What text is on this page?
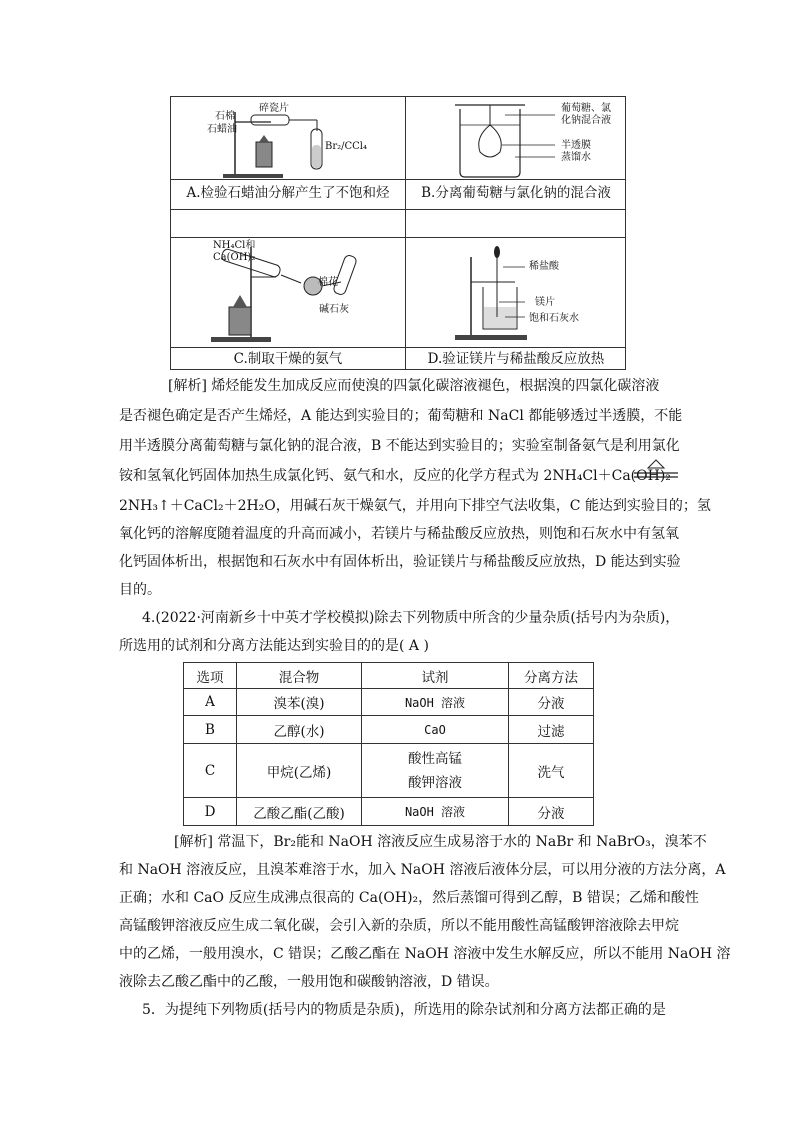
碎瓷片
石棉
石蜡油
Br₂/CCl₄
A.检验石蜡油分解产生了不饱和烃
葡萄糖、氯
化钠混合液
半透膜
蒸馏水
B.分离葡萄糖与氯化钠的混合液
NH₄Cl和
Ca(OH)₂
棉花
碱石灰
C.制取干燥的氨气
稀盐酸
镁片
饱和石灰水
D.验证镁片与稀盐酸反应放热
[解析] 烯烃能发生加成反应而使溴的四氯化碳溶液褪色，根据溴的四氯化碳溶液
是否褪色确定是否产生烯烃，A 能达到实验目的；葡萄糖和 NaCl 都能够透过半透膜，不能
用半透膜分离葡萄糖与氯化钠的混合液，B 不能达到实验目的；实验室制备氨气是利用氯化
铵和氢氧化钙固体加热生成氯化钙、氨气和水，反应的化学方程式为 2NH₄Cl＋Ca(OH)₂
2NH₃↑＋CaCl₂＋2H₂O，用碱石灰干燥氨气，并用向下排空气法收集，C 能达到实验目的；氢
氧化钙的溶解度随着温度的升高而减小，若镁片与稀盐酸反应放热，则饱和石灰水中有氢氧
化钙固体析出，根据饱和石灰水中有固体析出，验证镁片与稀盐酸反应放热，D 能达到实验
目的。
4.(2022·河南新乡十中英才学校模拟)除去下列物质中所含的少量杂质(括号内为杂质)，
所选用的试剂和分离方法能达到实验目的的是( A )
选项	混合物	试剂	分离方法
A	溴苯(溴)	NaOH 溶液	分液
B	乙醇(水)	CaO	过滤
C	甲烷(乙烯)	酸性高锰
酸钾溶液	洗气
D	乙酸乙酯(乙酸)	NaOH 溶液	分液
[解析] 常温下，Br₂能和 NaOH 溶液反应生成易溶于水的 NaBr 和 NaBrO₃，溴苯不
和 NaOH 溶液反应，且溴苯难溶于水，加入 NaOH 溶液后液体分层，可以用分液的方法分离，A
正确；水和 CaO 反应生成沸点很高的 Ca(OH)₂，然后蒸馏可得到乙醇，B 错误；乙烯和酸性
高锰酸钾溶液反应生成二氧化碳，会引入新的杂质，所以不能用酸性高锰酸钾溶液除去甲烷
中的乙烯，一般用溴水，C 错误；乙酸乙酯在 NaOH 溶液中发生水解反应，所以不能用 NaOH 溶
液除去乙酸乙酯中的乙酸，一般用饱和碳酸钠溶液，D 错误。
5．为提纯下列物质(括号内的物质是杂质)，所选用的除杂试剂和分离方法都正确的是
